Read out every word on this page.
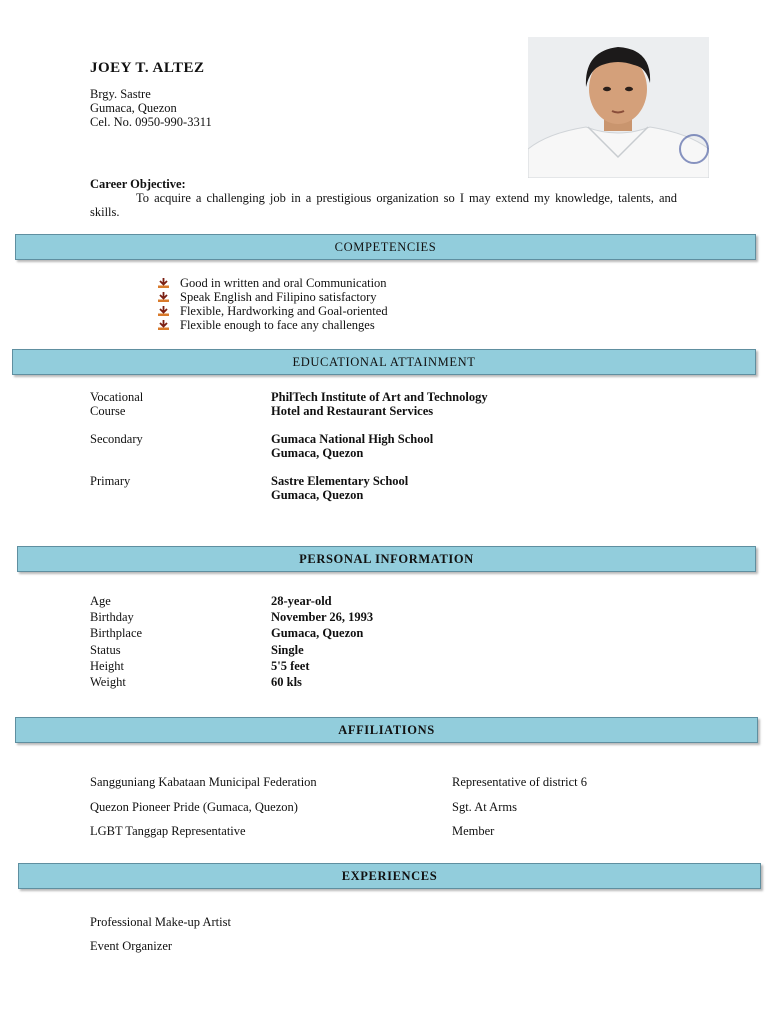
JOEY T. ALTEZ
Brgy. Sastre
Gumaca, Quezon
Cel. No. 0950-990-3311
Career Objective:
To acquire a challenging job in a prestigious organization so I may extend my knowledge, talents, and skills.
COMPETENCIES
Good in written and oral Communication
Speak English and Filipino satisfactory
Flexible, Hardworking and Goal-oriented
Flexible enough to face any challenges
EDUCATIONAL ATTAINMENT
Vocational	PhilTech Institute of Art and Technology
Course	Hotel and Restaurant Services
Secondary	Gumaca National High School
Gumaca, Quezon
Primary	Sastre Elementary School
Gumaca, Quezon
PERSONAL INFORMATION
Age	28-year-old
Birthday	November 26, 1993
Birthplace	Gumaca, Quezon
Status	Single
Height	5'5 feet
Weight	60 kls
AFFILIATIONS
Sangguniang Kabataan Municipal Federation	Representative of district 6
Quezon Pioneer Pride (Gumaca, Quezon)	Sgt. At Arms
LGBT Tanggap Representative	Member
EXPERIENCES
Professional Make-up Artist
Event Organizer
